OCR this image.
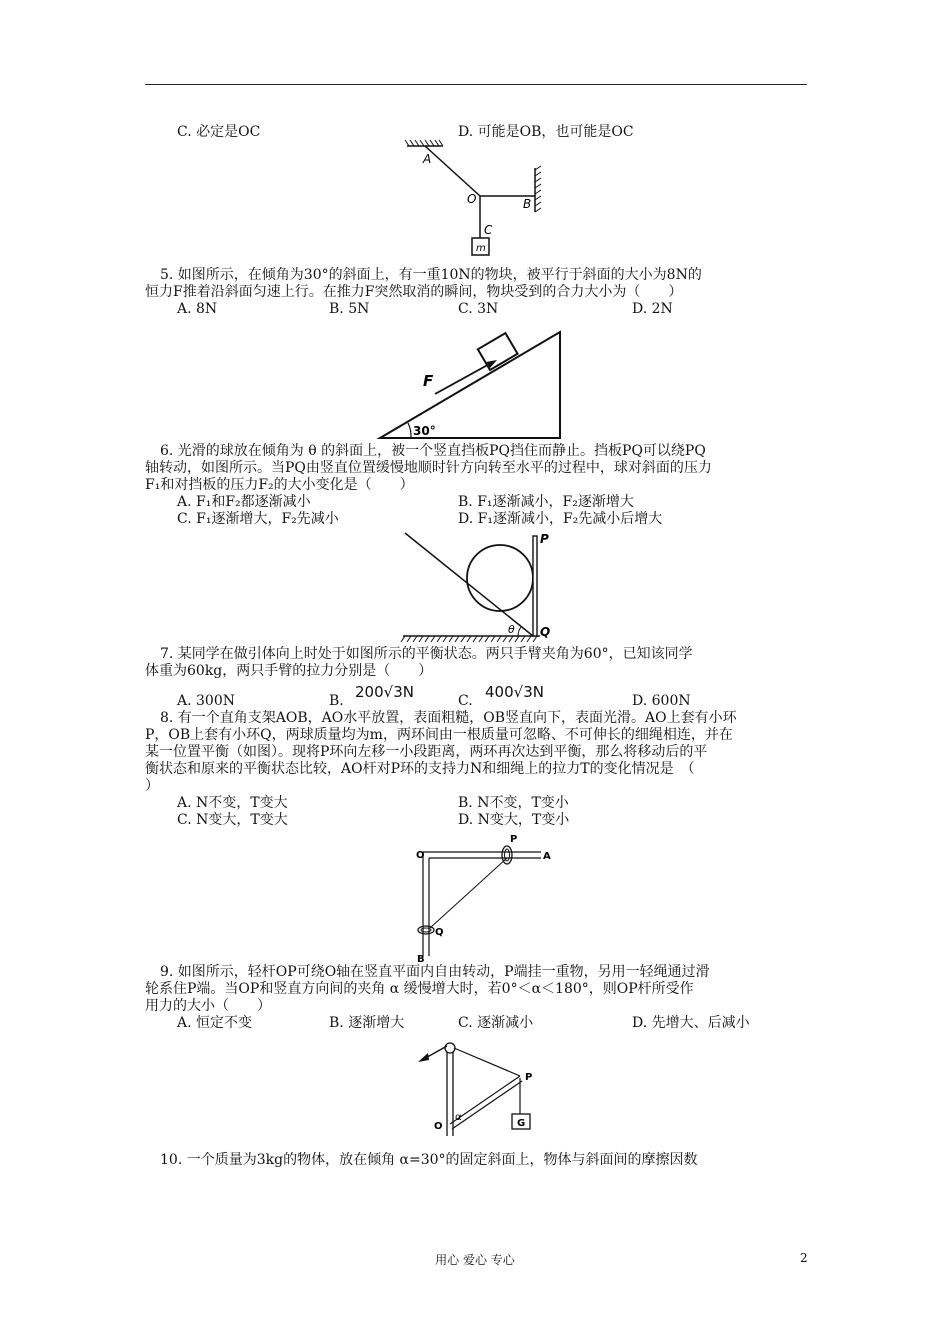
C. 必定是OC	D. 可能是OB，也可能是OC
A
O	B
C
m
5. 如图所示，在倾角为30°的斜面上，有一重10N的物块，被平行于斜面的大小为8N的
恒力F推着沿斜面匀速上行。在推力F突然取消的瞬间，物块受到的合力大小为（　　）
A. 8N	B. 5N	C. 3N	D. 2N
F
30°
6. 光滑的球放在倾角为 θ 的斜面上，被一个竖直挡板PQ挡住而静止。挡板PQ可以绕PQ
轴转动，如图所示。当PQ由竖直位置缓慢地顺时针方向转至水平的过程中，球对斜面的压力
F₁和对挡板的压力F₂的大小变化是（　　）
A. F₁和F₂都逐渐减小	B. F₁逐渐减小，F₂逐渐增大
C. F₁逐渐增大，F₂先减小	D. F₁逐渐减小，F₂先减小后增大
P
Q
θ
7. 某同学在做引体向上时处于如图所示的平衡状态。两只手臂夹角为60°，已知该同学
体重为60kg，两只手臂的拉力分别是（　　）
A. 300N	B. 200√3N	C. 400√3N	D. 600N
8. 有一个直角支架AOB，AO水平放置，表面粗糙，OB竖直向下，表面光滑。AO上套有小环
P，OB上套有小环Q，两球质量均为m，两环间由一根质量可忽略、不可伸长的细绳相连，并在
某一位置平衡（如图）。现将P环向左移一小段距离，两环再次达到平衡，那么将移动后的平
衡状态和原来的平衡状态比较，AO杆对P环的支持力N和细绳上的拉力T的变化情况是　（
）
A. N不变，T变大	B. N不变，T变小
C. N变大，T变大	D. N变大，T变小
O
P
A
Q
B
9. 如图所示，轻杆OP可绕O轴在竖直平面内自由转动，P端挂一重物，另用一轻绳通过滑
轮系住P端。当OP和竖直方向间的夹角 α 缓慢增大时，若0°＜α＜180°，则OP杆所受作
用力的大小（　　）
A. 恒定不变	B. 逐渐增大	C. 逐渐减小	D. 先增大、后减小
P
O
α
G
10. 一个质量为3kg的物体，放在倾角 α=30°的固定斜面上，物体与斜面间的摩擦因数
用心 爱心 专心	2
